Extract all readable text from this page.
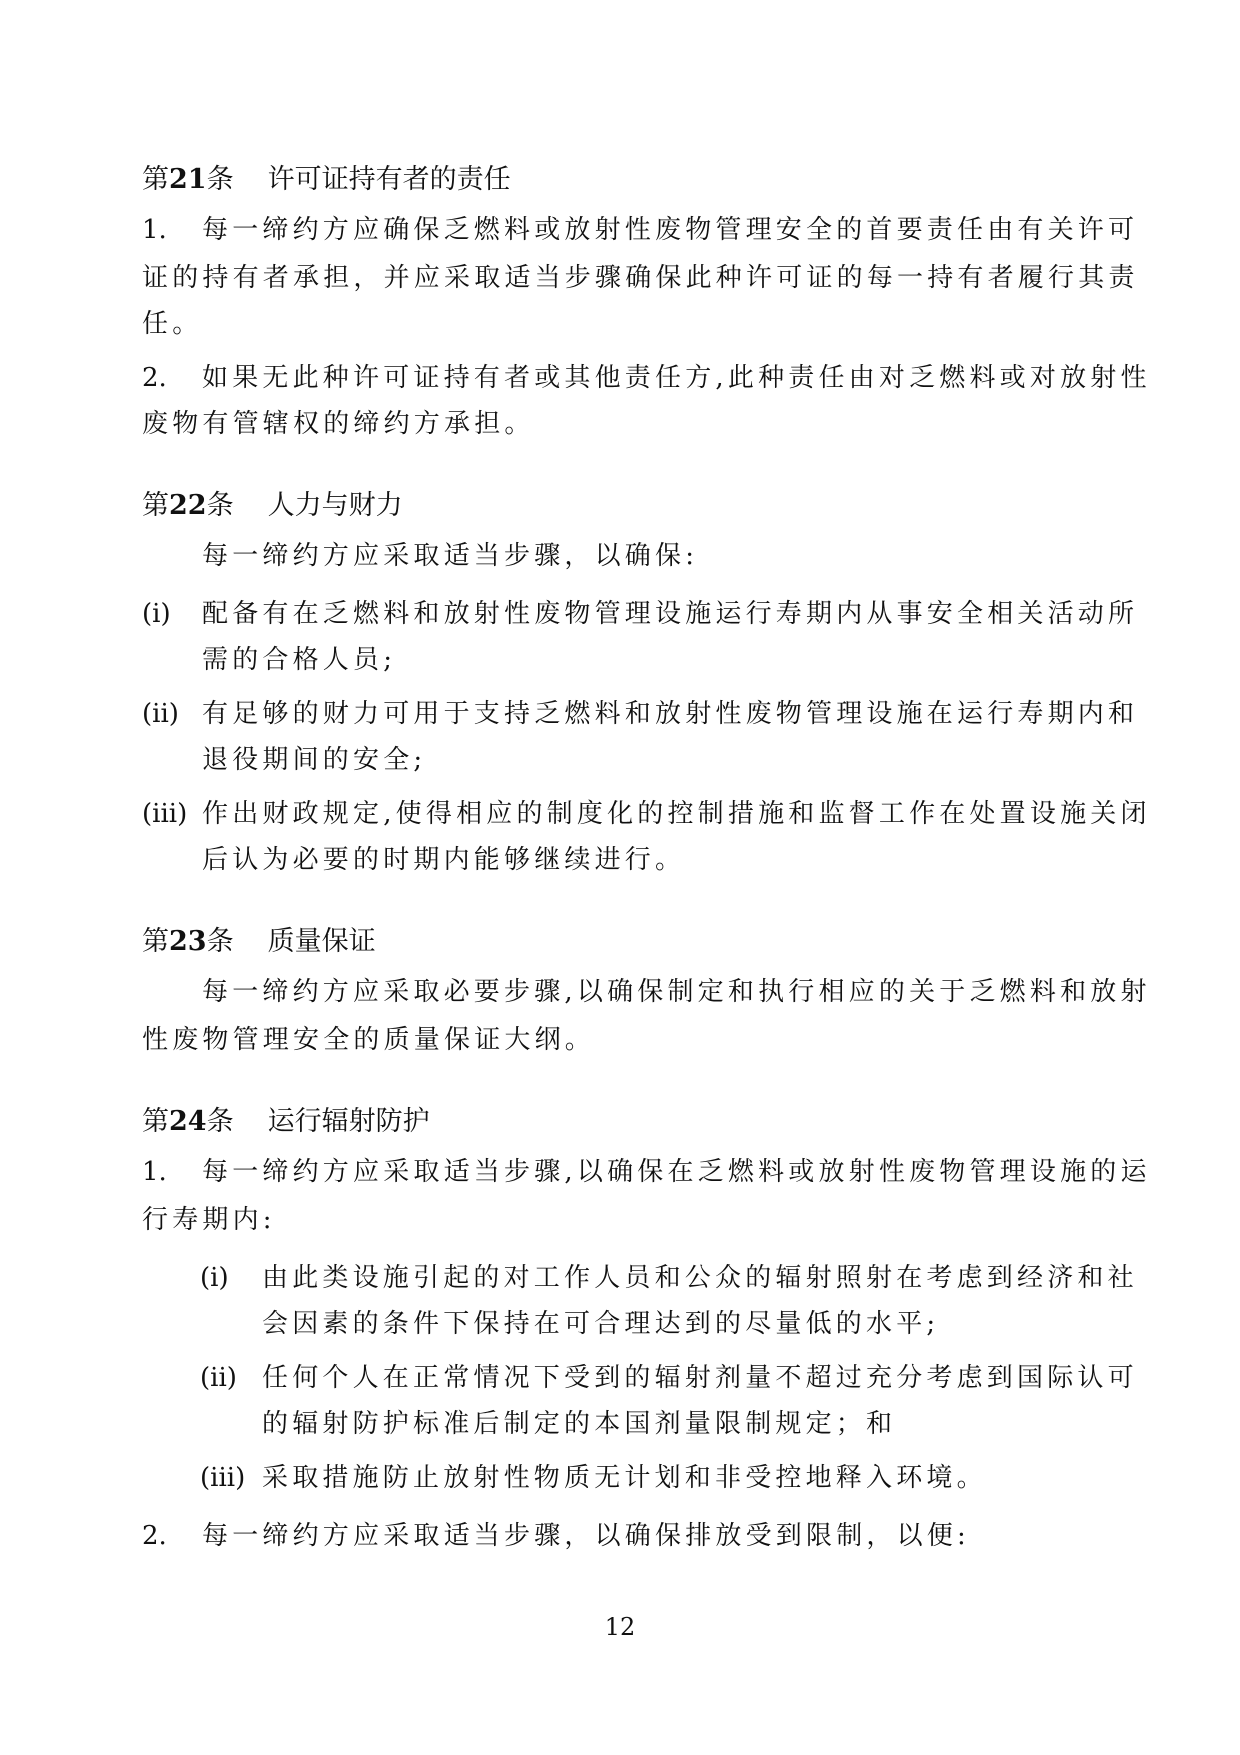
第21条 许可证持有者的责任
1. 每一缔约方应确保乏燃料或放射性废物管理安全的首要责任由有关许可
证的持有者承担，并应采取适当步骤确保此种许可证的每一持有者履行其责
任。
2. 如果无此种许可证持有者或其他责任方,此种责任由对乏燃料或对放射性
废物有管辖权的缔约方承担。
第22条 人力与财力
每一缔约方应采取适当步骤，以确保:
(i) 配备有在乏燃料和放射性废物管理设施运行寿期内从事安全相关活动所
需的合格人员;
(ii) 有足够的财力可用于支持乏燃料和放射性废物管理设施在运行寿期内和
退役期间的安全;
(iii) 作出财政规定,使得相应的制度化的控制措施和监督工作在处置设施关闭
后认为必要的时期内能够继续进行。
第23条 质量保证
每一缔约方应采取必要步骤,以确保制定和执行相应的关于乏燃料和放射
性废物管理安全的质量保证大纲。
第24条 运行辐射防护
1. 每一缔约方应采取适当步骤,以确保在乏燃料或放射性废物管理设施的运
行寿期内:
(i) 由此类设施引起的对工作人员和公众的辐射照射在考虑到经济和社
会因素的条件下保持在可合理达到的尽量低的水平;
(ii) 任何个人在正常情况下受到的辐射剂量不超过充分考虑到国际认可
的辐射防护标准后制定的本国剂量限制规定；和
(iii) 采取措施防止放射性物质无计划和非受控地释入环境。
2. 每一缔约方应采取适当步骤，以确保排放受到限制，以便:
12
